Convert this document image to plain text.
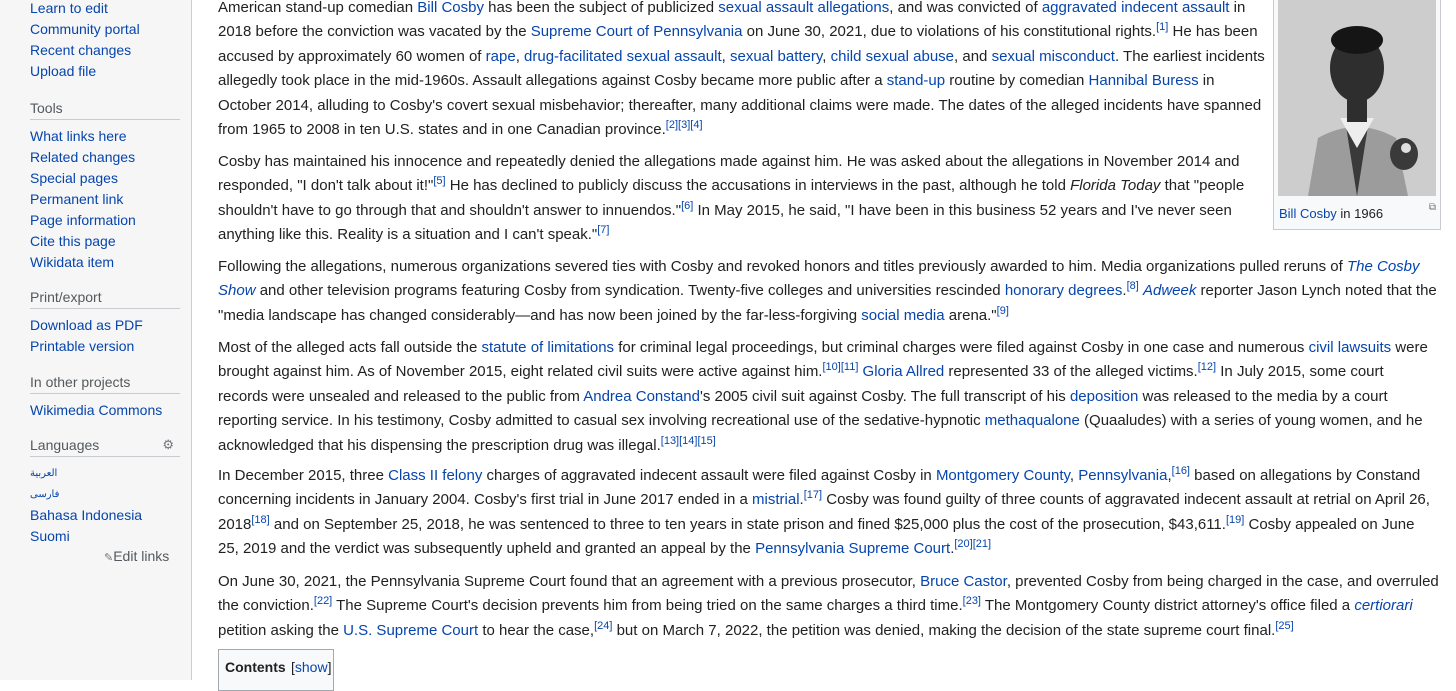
Learn to edit
Community portal
Recent changes
Upload file
Tools
What links here
Related changes
Special pages
Permanent link
Page information
Cite this page
Wikidata item
Print/export
Download as PDF
Printable version
In other projects
Wikimedia Commons
Languages	⚙
العربية
فارسی
Bahasa Indonesia
Suomi
✎Edit links

American stand-up comedian Bill Cosby has been the subject of publicized sexual assault allegations, and was convicted of aggravated indecent assault in 2018 before the conviction was vacated by the Supreme Court of Pennsylvania on June 30, 2021, due to violations of his constitutional rights.[1] He has been accused by approximately 60 women of rape, drug-facilitated sexual assault, sexual battery, child sexual abuse, and sexual misconduct. The earliest incidents allegedly took place in the mid-1960s. Assault allegations against Cosby became more public after a stand-up routine by comedian Hannibal Buress in October 2014, alluding to Cosby's covert sexual misbehavior; thereafter, many additional claims were made. The dates of the alleged incidents have spanned from 1965 to 2008 in ten U.S. states and in one Canadian province.[2][3][4]

Cosby has maintained his innocence and repeatedly denied the allegations made against him. He was asked about the allegations in November 2014 and responded, "I don't talk about it!"[5] He has declined to publicly discuss the accusations in interviews in the past, although he told Florida Today that "people shouldn't have to go through that and shouldn't answer to innuendos."[6] In May 2015, he said, "I have been in this business 52 years and I've never seen anything like this. Reality is a situation and I can't speak."[7]

Following the allegations, numerous organizations severed ties with Cosby and revoked honors and titles previously awarded to him. Media organizations pulled reruns of The Cosby Show and other television programs featuring Cosby from syndication. Twenty-five colleges and universities rescinded honorary degrees.[8] Adweek reporter Jason Lynch noted that the "media landscape has changed considerably—and has now been joined by the far-less-forgiving social media arena."[9]

Most of the alleged acts fall outside the statute of limitations for criminal legal proceedings, but criminal charges were filed against Cosby in one case and numerous civil lawsuits were brought against him. As of November 2015, eight related civil suits were active against him.[10][11] Gloria Allred represented 33 of the alleged victims.[12] In July 2015, some court records were unsealed and released to the public from Andrea Constand's 2005 civil suit against Cosby. The full transcript of his deposition was released to the media by a court reporting service. In his testimony, Cosby admitted to casual sex involving recreational use of the sedative-hypnotic methaqualone (Quaaludes) with a series of young women, and he acknowledged that his dispensing the prescription drug was illegal.[13][14][15]

In December 2015, three Class II felony charges of aggravated indecent assault were filed against Cosby in Montgomery County, Pennsylvania,[16] based on allegations by Constand concerning incidents in January 2004. Cosby's first trial in June 2017 ended in a mistrial.[17] Cosby was found guilty of three counts of aggravated indecent assault at retrial on April 26, 2018[18] and on September 25, 2018, he was sentenced to three to ten years in state prison and fined $25,000 plus the cost of the prosecution, $43,611.[19] Cosby appealed on June 25, 2019 and the verdict was subsequently upheld and granted an appeal by the Pennsylvania Supreme Court.[20][21]

On June 30, 2021, the Pennsylvania Supreme Court found that an agreement with a previous prosecutor, Bruce Castor, prevented Cosby from being charged in the case, and overruled the conviction.[22] The Supreme Court's decision prevents him from being tried on the same charges a third time.[23] The Montgomery County district attorney's office filed a certiorari petition asking the U.S. Supreme Court to hear the case,[24] but on March 7, 2022, the petition was denied, making the decision of the state supreme court final.[25]

⧉
Bill Cosby in 1966
Contents [show]
